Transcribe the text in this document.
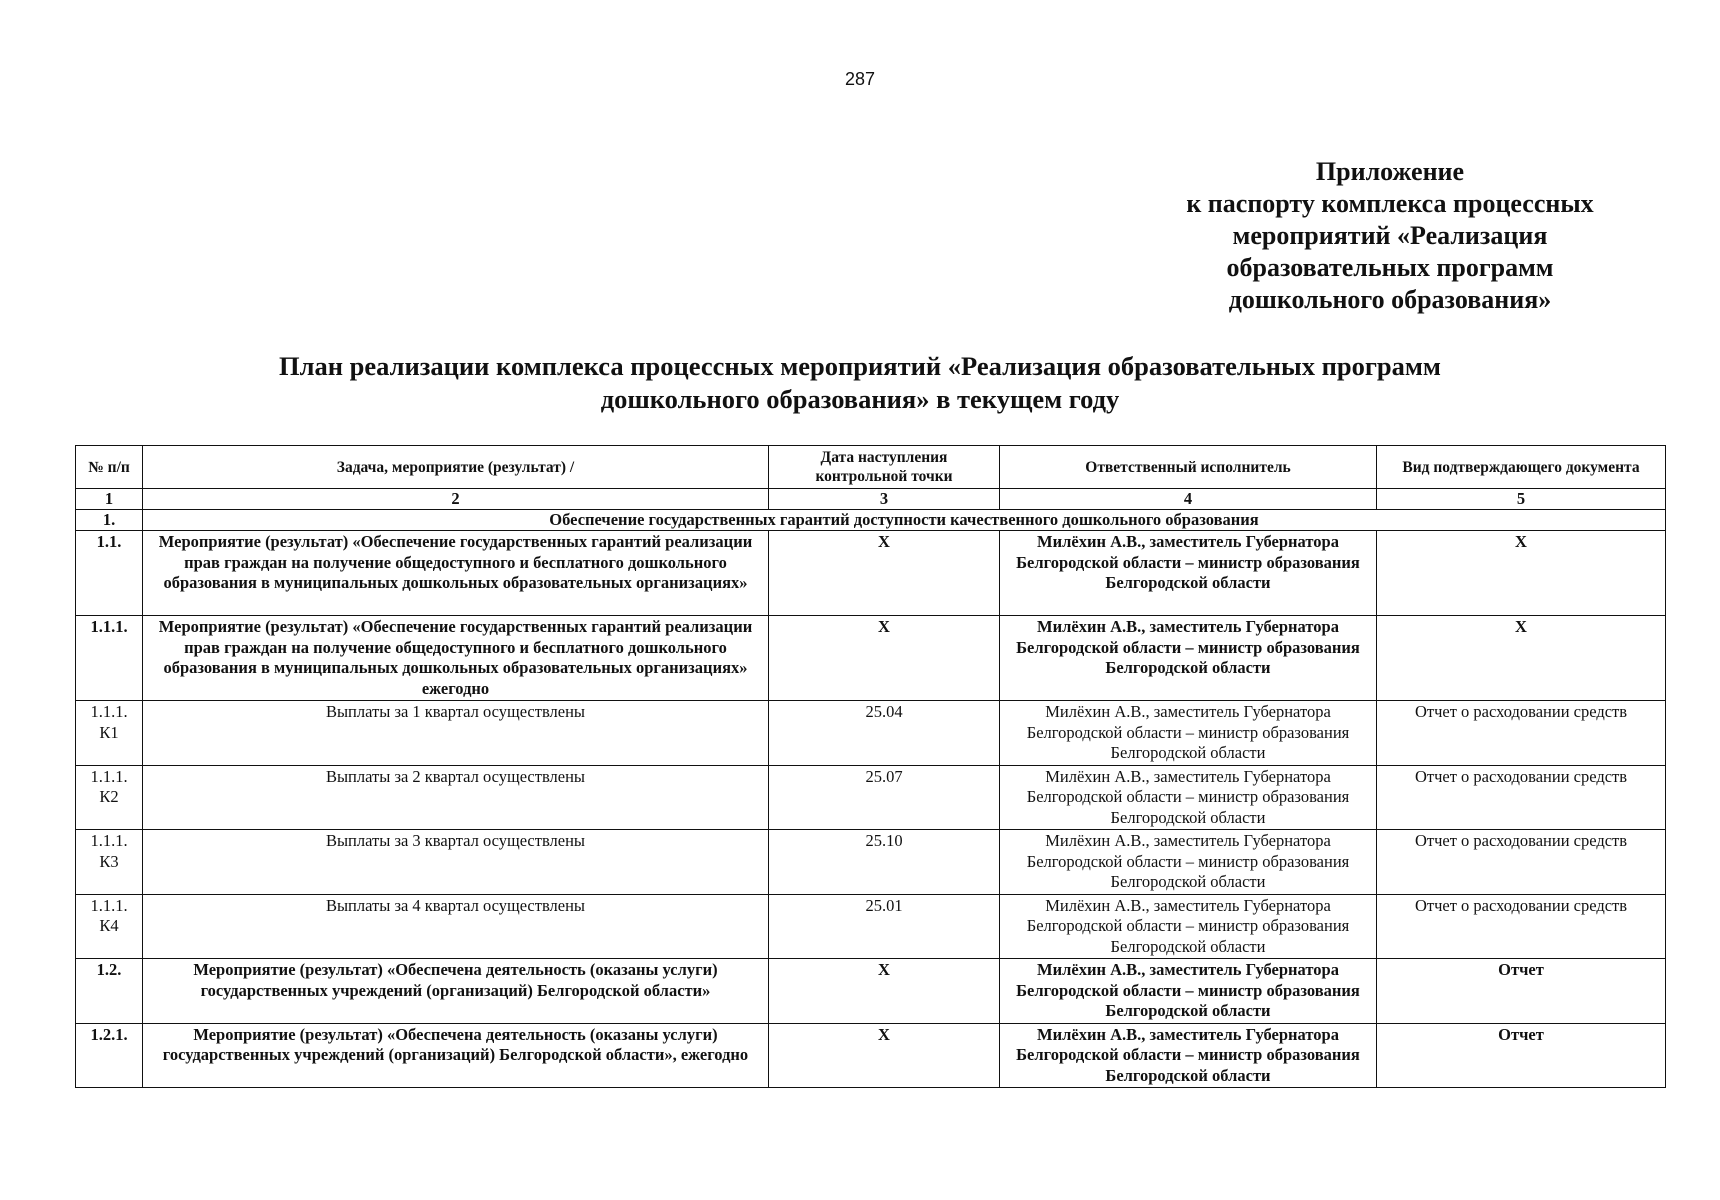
287
Приложение
к паспорту комплекса процессных
мероприятий «Реализация
образовательных программ
дошкольного образования»
План реализации комплекса процессных мероприятий «Реализация образовательных программ
дошкольного образования» в текущем году
№ п/п	Задача, мероприятие (результат) /	Дата наступления контрольной точки	Ответственный исполнитель	Вид подтверждающего документа
1	2	3	4	5
1.	Обеспечение государственных гарантий доступности качественного дошкольного образования			
1.1.	Мероприятие (результат) «Обеспечение государственных гарантий реализации прав граждан на получение общедоступного и бесплатного дошкольного образования в муниципальных дошкольных образовательных организациях»	X	Милёхин А.В., заместитель Губернатора Белгородской области – министр образования Белгородской области	X
1.1.1.	Мероприятие (результат) «Обеспечение государственных гарантий реализации прав граждан на получение общедоступного и бесплатного дошкольного образования в муниципальных дошкольных образовательных организациях» ежегодно	X	Милёхин А.В., заместитель Губернатора Белгородской области – министр образования Белгородской области	X
1.1.1. К1	Выплаты за 1 квартал осуществлены	25.04	Милёхин А.В., заместитель Губернатора Белгородской области – министр образования Белгородской области	Отчет о расходовании средств
1.1.1. К2	Выплаты за 2 квартал осуществлены	25.07	Милёхин А.В., заместитель Губернатора Белгородской области – министр образования Белгородской области	Отчет о расходовании средств
1.1.1. К3	Выплаты за 3 квартал осуществлены	25.10	Милёхин А.В., заместитель Губернатора Белгородской области – министр образования Белгородской области	Отчет о расходовании средств
1.1.1. К4	Выплаты за 4 квартал осуществлены	25.01	Милёхин А.В., заместитель Губернатора Белгородской области – министр образования Белгородской области	Отчет о расходовании средств
1.2.	Мероприятие (результат) «Обеспечена деятельность (оказаны услуги) государственных учреждений (организаций) Белгородской области»	X	Милёхин А.В., заместитель Губернатора Белгородской области – министр образования Белгородской области	Отчет
1.2.1.	Мероприятие (результат) «Обеспечена деятельность (оказаны услуги) государственных учреждений (организаций) Белгородской области», ежегодно	X	Милёхин А.В., заместитель Губернатора Белгородской области – министр образования Белгородской области	Отчет
